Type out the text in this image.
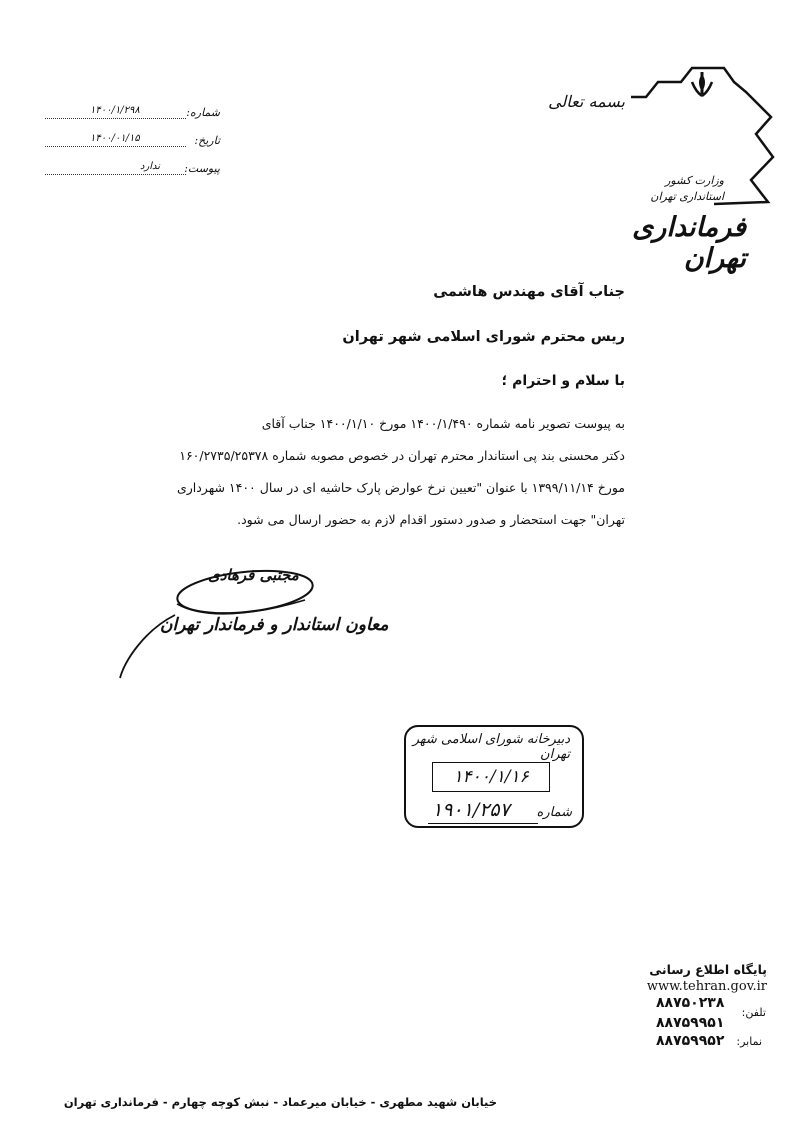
شماره:
۱۴۰۰/۱/۲۹۸
تاریخ:
۱۴۰۰/۰۱/۱۵
پیوست:
ندارد
بسمه تعالی
وزارت کشور
استانداری تهران
فرمانداری تهران
جناب آقای مهندس هاشمی
ریس محترم شورای اسلامی شهر تهران
با سلام و احترام ؛
به پیوست تصویر نامه شماره ۱۴۰۰/۱/۴۹۰ مورخ ۱۴۰۰/۱/۱۰ جناب آقای
دکتر محسنی بند پی استاندار محترم تهران در خصوص مصوبه شماره ۱۶۰/۲۷۳۵/۲۵۳۷۸
مورخ ۱۳۹۹/۱۱/۱۴ با عنوان "تعیین نرخ عوارض پارک حاشیه ای در سال ۱۴۰۰ شهرداری
تهران" جهت استحضار و صدور دستور اقدام لازم به حضور ارسال می شود.
مجتبی فرهادی
معاون استاندار و فرماندار تهران
دبیرخانه شورای اسلامی شهر تهران
۱۴۰۰/۱/۱۶
شماره
۱۹۰۱/۲۵۷
پایگاه اطلاع رسانی
www.tehran.gov.ir
۸۸۷۵۰۲۳۸
تلفن:
۸۸۷۵۹۹۵۱
نمابر:
۸۸۷۵۹۹۵۲
خیابان شهید مطهری - خیابان میرعماد - نبش کوچه چهارم - فرمانداری تهران
